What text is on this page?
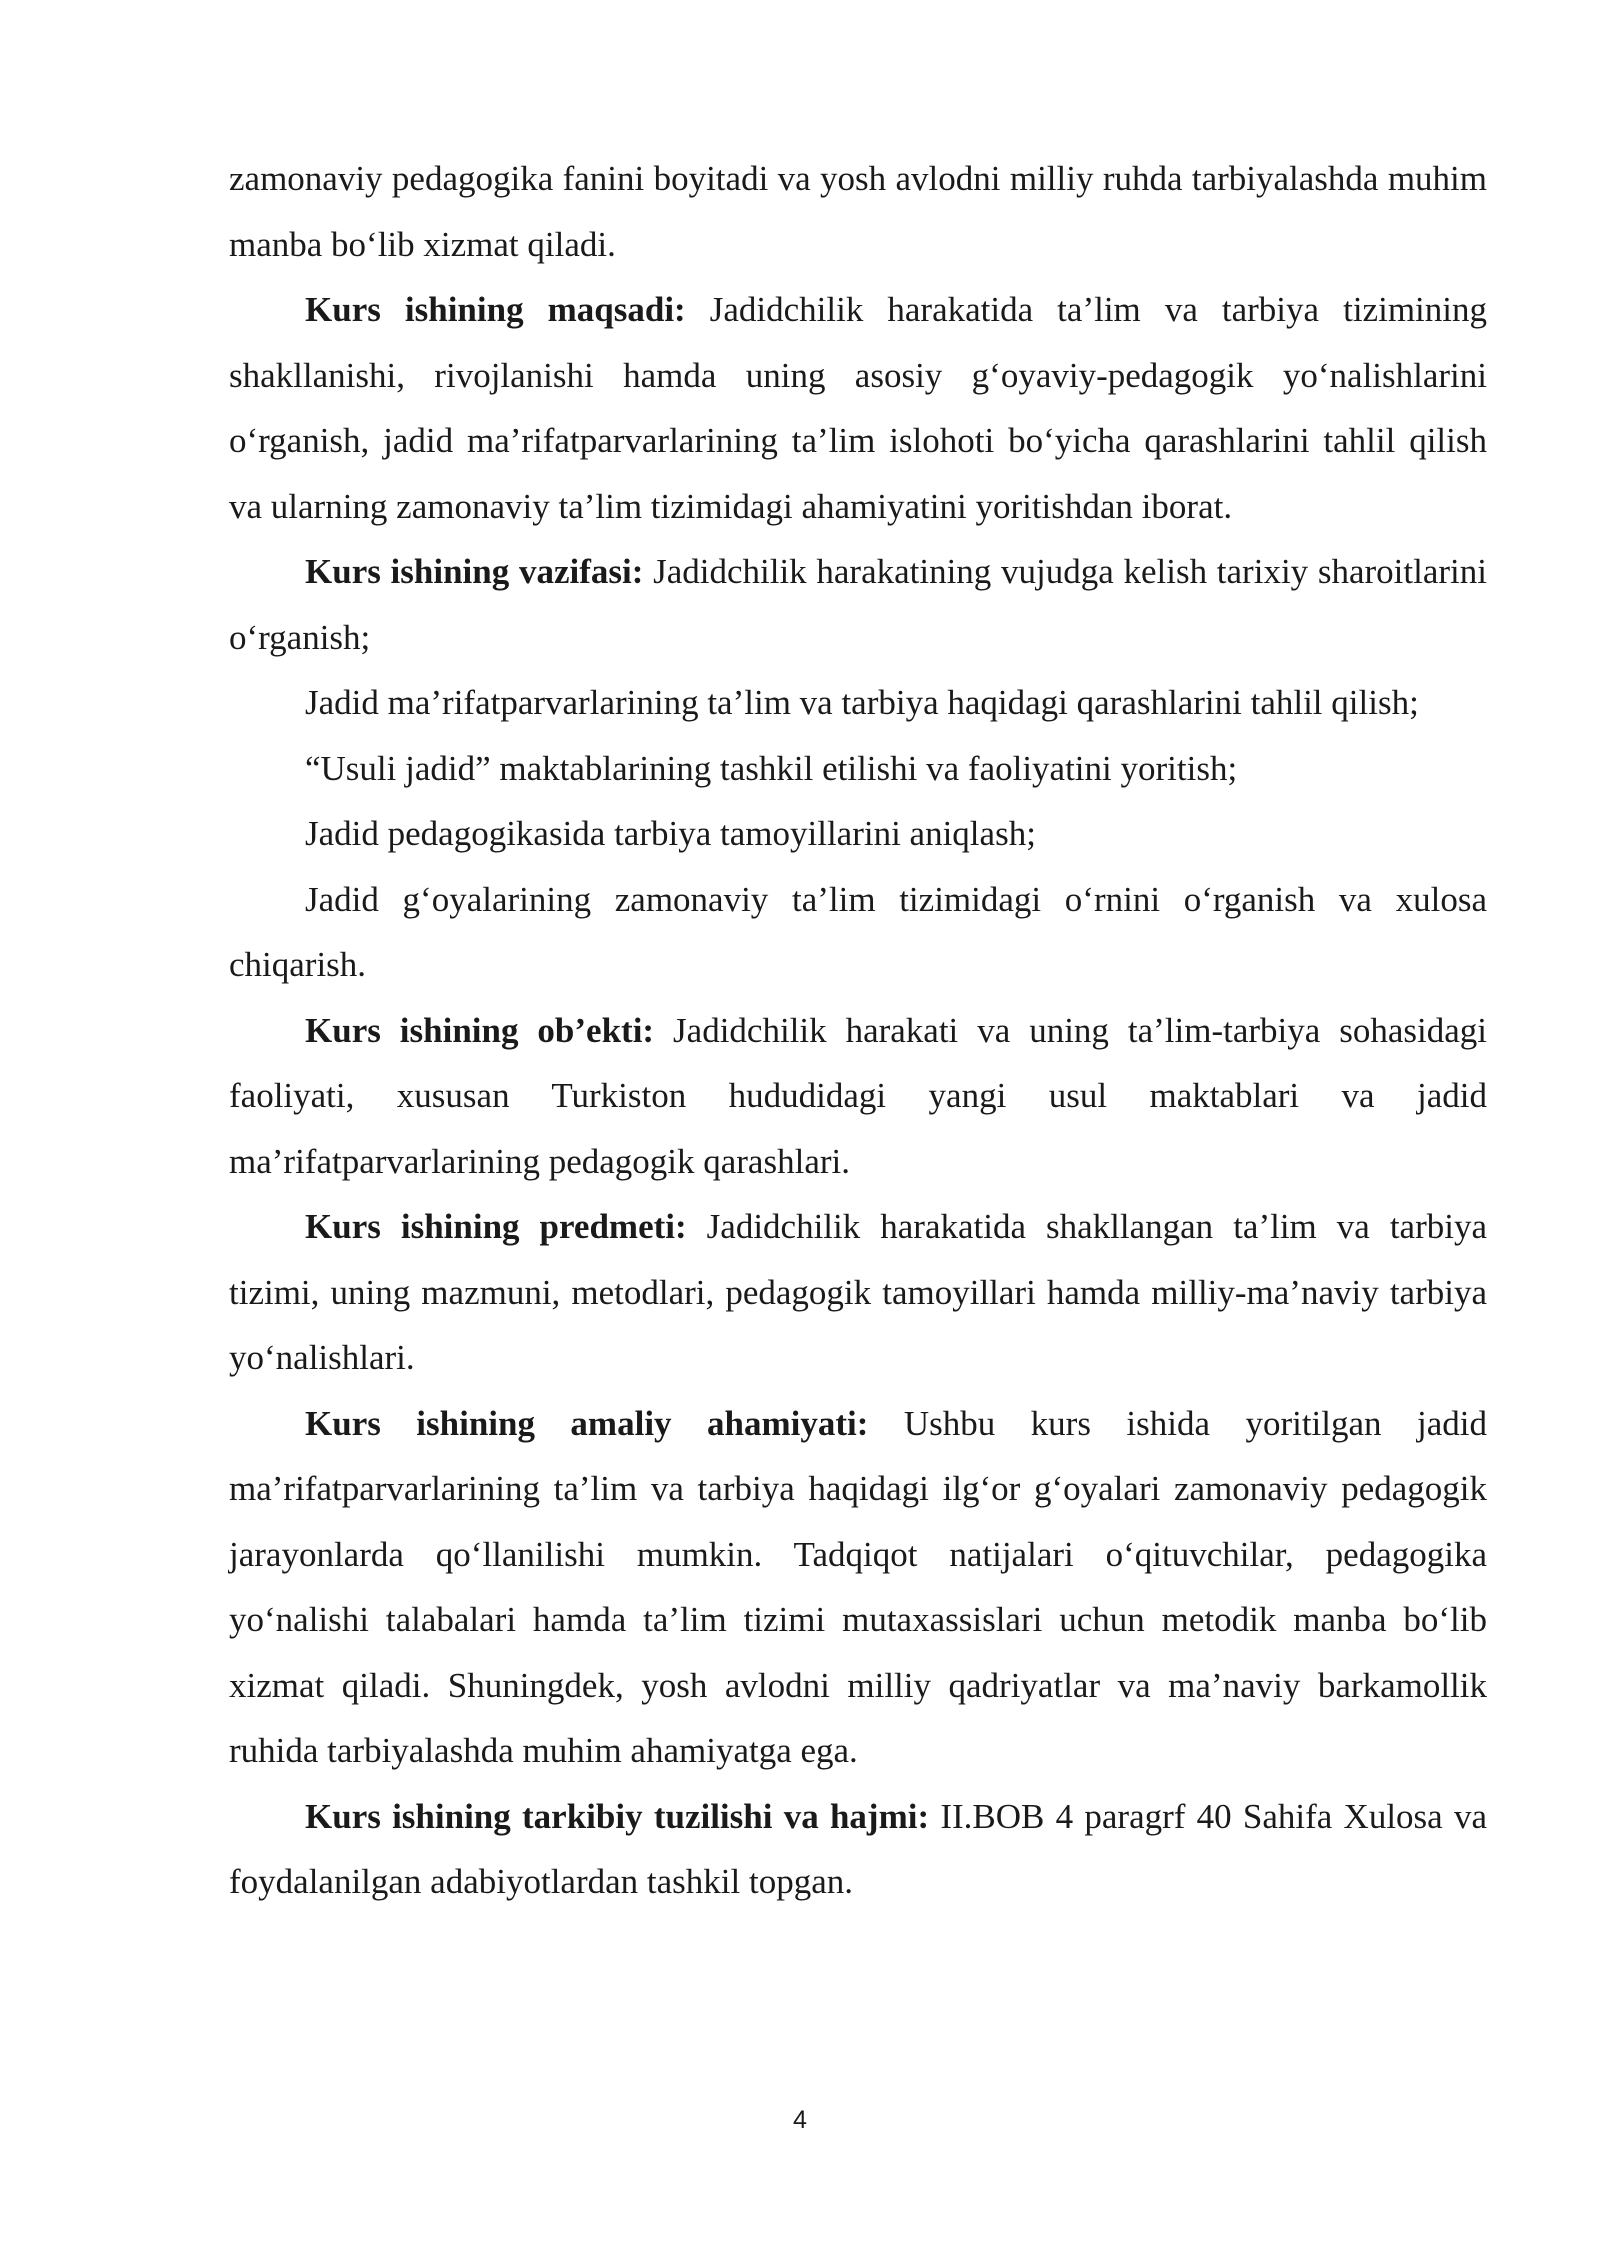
zamonaviy pedagogika fanini boyitadi va yosh avlodni milliy ruhda tarbiyalashda muhim manba bo‘lib xizmat qiladi.

Kurs ishining maqsadi: Jadidchilik harakatida ta’lim va tarbiya tizimining shakllanishi, rivojlanishi hamda uning asosiy g‘oyaviy-pedagogik yo‘nalishlarini o‘rganish, jadid ma’rifatparvarlarining ta’lim islohoti bo‘yicha qarashlarini tahlil qilish va ularning zamonaviy ta’lim tizimidagi ahamiyatini yoritishdan iborat.

Kurs ishining vazifasi: Jadidchilik harakatining vujudga kelish tarixiy sharoitlarini o‘rganish;

Jadid ma’rifatparvarlarining ta’lim va tarbiya haqidagi qarashlarini tahlil qilish;

“Usuli jadid” maktablarining tashkil etilishi va faoliyatini yoritish;

Jadid pedagogikasida tarbiya tamoyillarini aniqlash;

Jadid g‘oyalarining zamonaviy ta’lim tizimidagi o‘rnini o‘rganish va xulosa chiqarish.

Kurs ishining ob’ekti: Jadidchilik harakati va uning ta’lim-tarbiya sohasidagi faoliyati, xususan Turkiston hududidagi yangi usul maktablari va jadid ma’rifatparvarlarining pedagogik qarashlari.

Kurs ishining predmeti: Jadidchilik harakatida shakllangan ta’lim va tarbiya tizimi, uning mazmuni, metodlari, pedagogik tamoyillari hamda milliy-ma’naviy tarbiya yo‘nalishlari.

Kurs ishining amaliy ahamiyati: Ushbu kurs ishida yoritilgan jadid ma’rifatparvarlarining ta’lim va tarbiya haqidagi ilg‘or g‘oyalari zamonaviy pedagogik jarayonlarda qo‘llanilishi mumkin. Tadqiqot natijalari o‘qituvchilar, pedagogika yo‘nalishi talabalari hamda ta’lim tizimi mutaxassislari uchun metodik manba bo‘lib xizmat qiladi. Shuningdek, yosh avlodni milliy qadriyatlar va ma’naviy barkamollik ruhida tarbiyalashda muhim ahamiyatga ega.

Kurs ishining tarkibiy tuzilishi va hajmi: II.BOB 4 paragrf 40 Sahifa Xulosa va foydalanilgan adabiyotlardan tashkil topgan.

4
